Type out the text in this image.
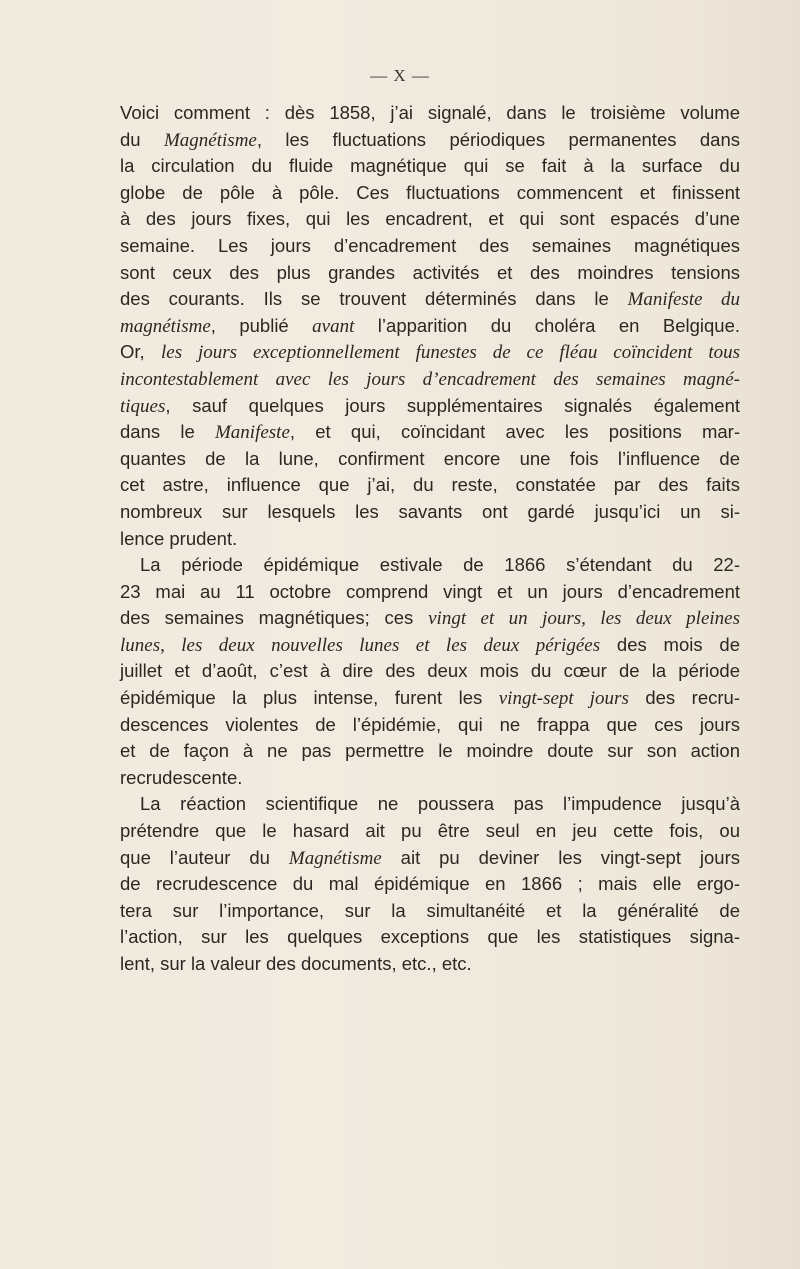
— X —
Voici comment : dès 1858, j’ai signalé, dans le troisième volume
du Magnétisme, les fluctuations périodiques permanentes dans
la circulation du fluide magnétique qui se fait à la surface du
globe de pôle à pôle. Ces fluctuations commencent et finissent
à des jours fixes, qui les encadrent, et qui sont espacés d’une
semaine. Les jours d’encadrement des semaines magnétiques
sont ceux des plus grandes activités et des moindres tensions
des courants. Ils se trouvent déterminés dans le Manifeste du
magnétisme, publié avant l’apparition du choléra en Belgique.
Or, les jours exceptionnellement funestes de ce fléau coïncident tous
incontestablement avec les jours d’encadrement des semaines magné-
tiques, sauf quelques jours supplémentaires signalés également
dans le Manifeste, et qui, coïncidant avec les positions mar-
quantes de la lune, confirment encore une fois l’influence de
cet astre, influence que j’ai, du reste, constatée par des faits
nombreux sur lesquels les savants ont gardé jusqu’ici un si-
lence prudent.
La période épidémique estivale de 1866 s’étendant du 22-
23 mai au 11 octobre comprend vingt et un jours d’encadrement
des semaines magnétiques; ces vingt et un jours, les deux pleines
lunes, les deux nouvelles lunes et les deux périgées des mois de
juillet et d’août, c’est à dire des deux mois du cœur de la période
épidémique la plus intense, furent les vingt-sept jours des recru-
descences violentes de l’épidémie, qui ne frappa que ces jours
et de façon à ne pas permettre le moindre doute sur son action
recrudescente.
La réaction scientifique ne poussera pas l’impudence jusqu’à
prétendre que le hasard ait pu être seul en jeu cette fois, ou
que l’auteur du Magnétisme ait pu deviner les vingt-sept jours
de recrudescence du mal épidémique en 1866 ; mais elle ergo-
tera sur l’importance, sur la simultanéité et la généralité de
l’action, sur les quelques exceptions que les statistiques signa-
lent, sur la valeur des documents, etc., etc.
